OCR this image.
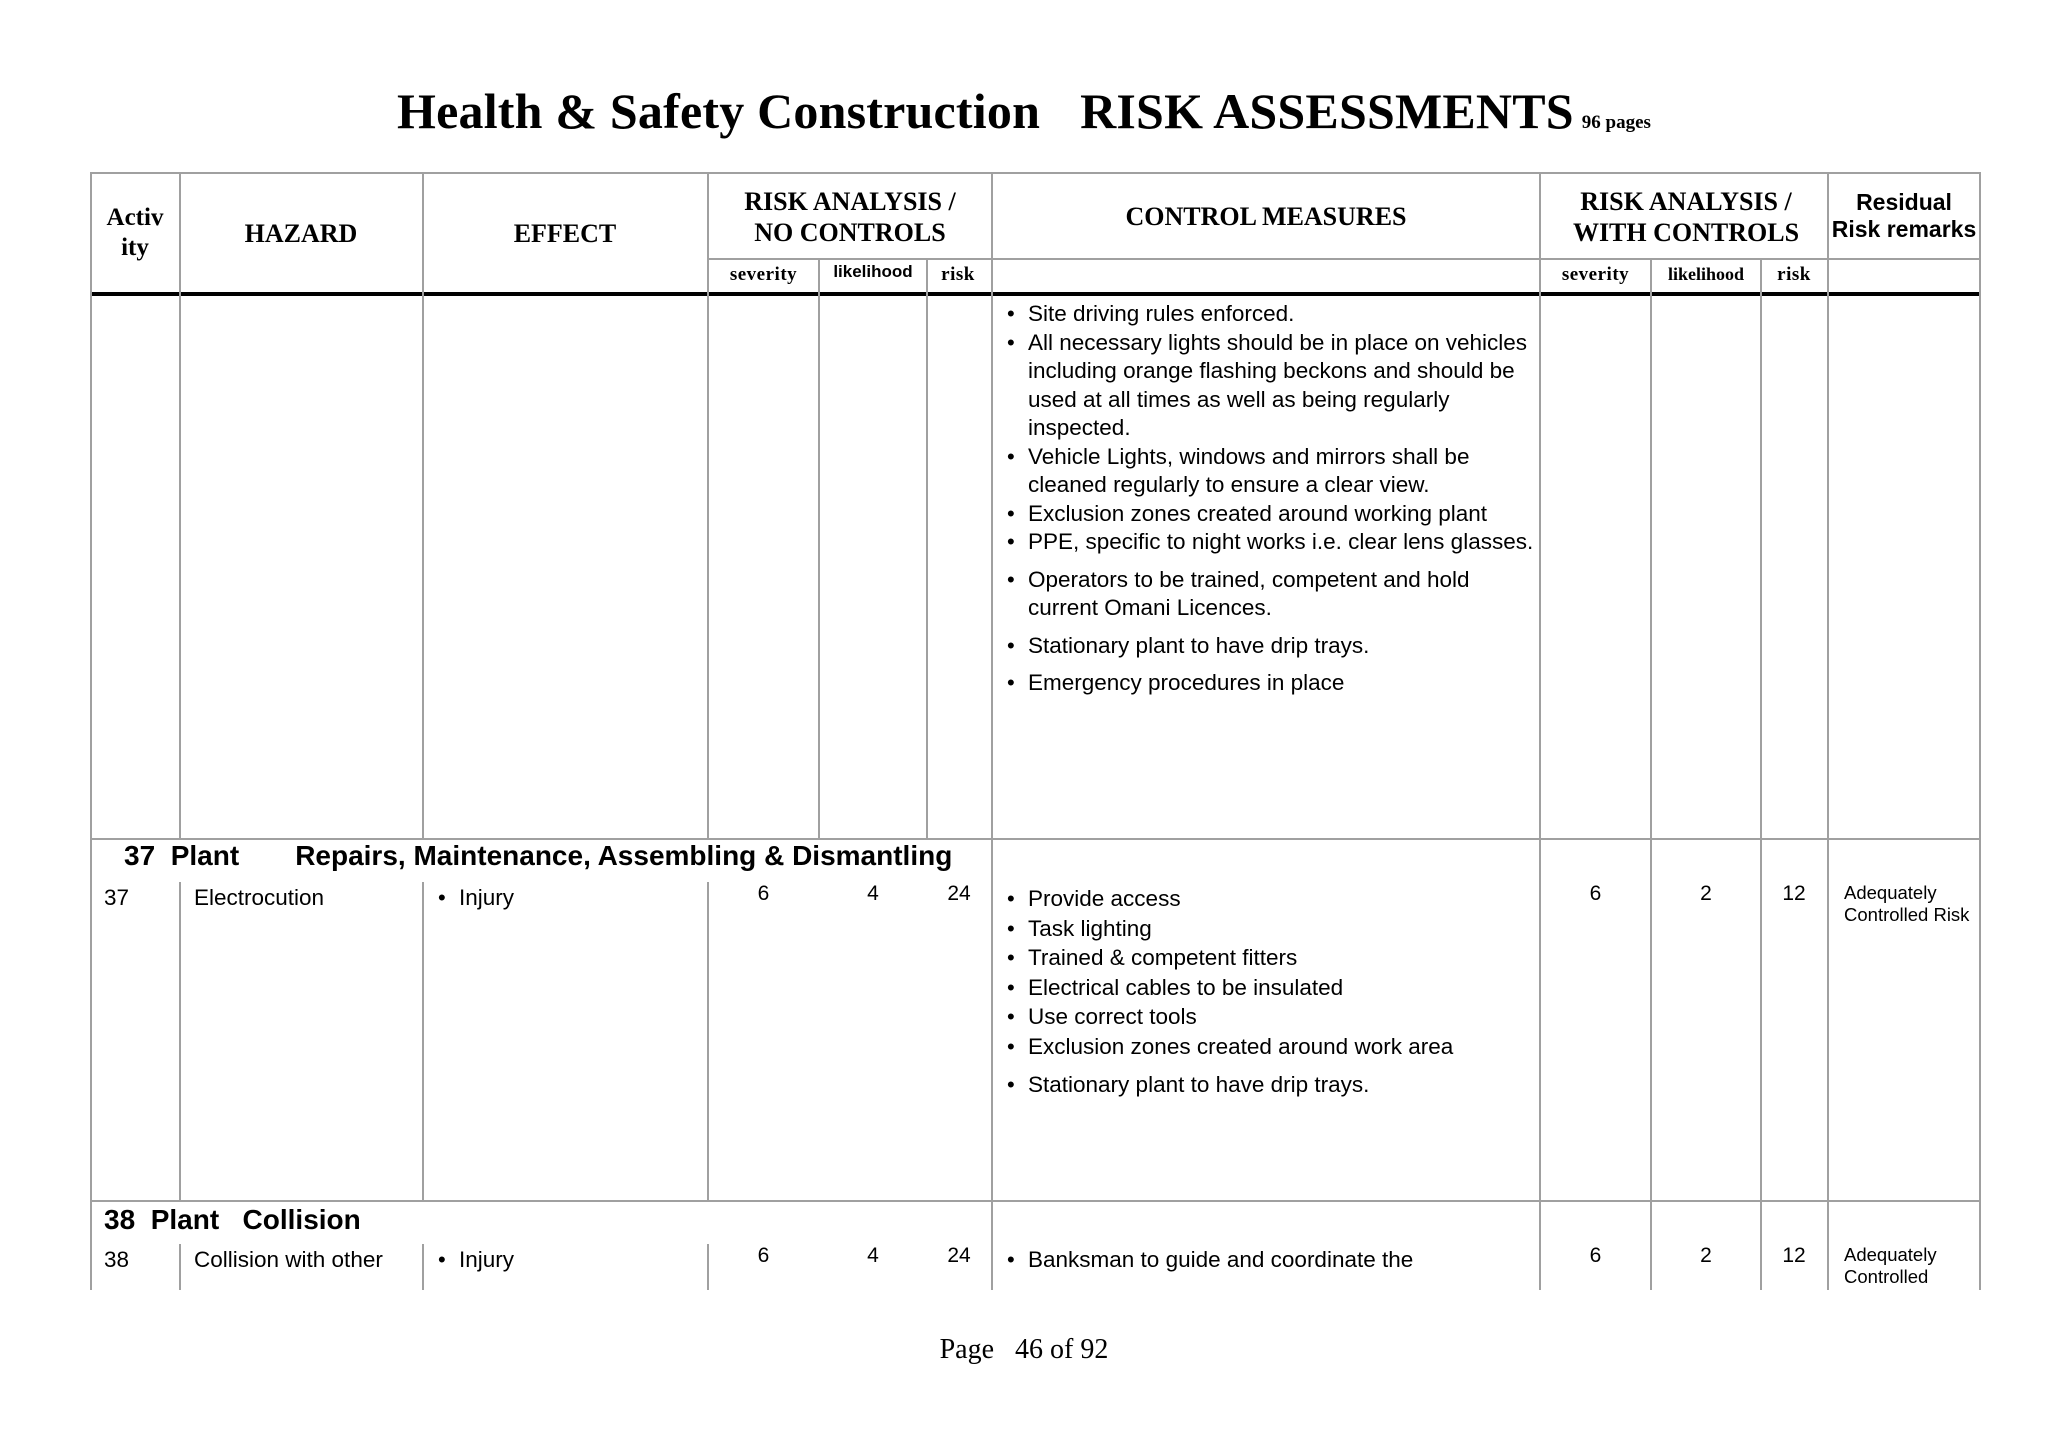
Health & Safety Construction RISK ASSESSMENTS 96 pages
Activ ity	HAZARD	EFFECT
RISK ANALYSIS / NO CONTROLS
CONTROL MEASURES	RISK ANALYSIS / WITH CONTROLS
Residual Risk remarks
severity	likelihood	risk	severity	likelihood	risk
• Site driving rules enforced.
• All necessary lights should be in place on vehicles including orange flashing beckons and should be used at all times as well as being regularly inspected.
• Vehicle Lights, windows and mirrors shall be cleaned regularly to ensure a clear view.
• Exclusion zones created around working plant
• PPE, specific to night works i.e. clear lens glasses.
• Operators to be trained, competent and hold current Omani Licences.
• Stationary plant to have drip trays.
• Emergency procedures in place
37 Plant Repairs, Maintenance, Assembling & Dismantling
37	Electrocution	• Injury	6	4	24	• Provide access
• Task lighting
• Trained & competent fitters
• Electrical cables to be insulated
• Use correct tools
• Exclusion zones created around work area
• Stationary plant to have drip trays.
6	2	12	Adequately Controlled Risk
38 Plant Collision
38	Collision with other	• Injury	6	4	24	• Banksman to guide and coordinate the	6	2	12	Adequately Controlled
Page 46 of 92
